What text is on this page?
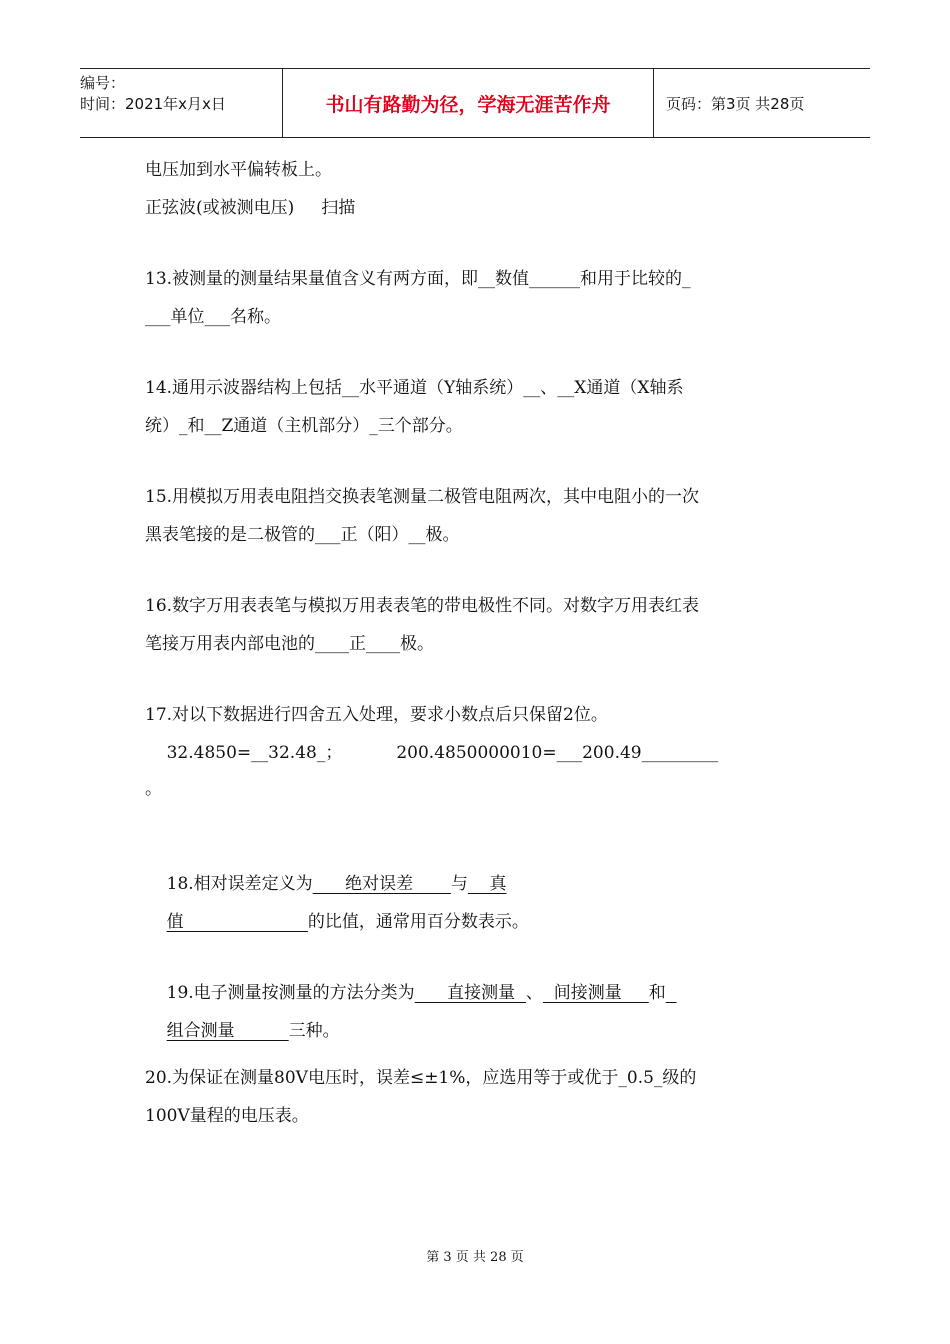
编号：
时间：2021年x月x日	书山有路勤为径，学海无涯苦作舟	页码：第3页 共28页
电压加到水平偏转板上。
正弦波(或被测电压)     扫描
13.被测量的测量结果量值含义有两方面，即__数值______和用于比较的_
___单位___名称。
14.通用示波器结构上包括__水平通道（Y轴系统）__、__X通道（X轴系
统）_和__Z通道（主机部分）_三个部分。
15.用模拟万用表电阻挡交换表笔测量二极管电阻两次，其中电阻小的一次
黑表笔接的是二极管的___正（阳）__极。
16.数字万用表表笔与模拟万用表表笔的带电极性不同。对数字万用表红表
笔接万用表内部电池的____正____极。
17.对以下数据进行四舍五入处理，要求小数点后只保留2位。
32.4850=__32.48_；          200.4850000010=___200.49_________
。

18.相对误差定义为      绝对误差       与    真

值                       的比值，通常用百分数表示。

19.电子测量按测量的方法分类为      直接测量  、  间接测量     和

组合测量          三种。

20.为保证在测量80V电压时，误差≤±1%，应选用等于或优于_0.5_级的
100V量程的电压表。
第 3 页 共 28 页
